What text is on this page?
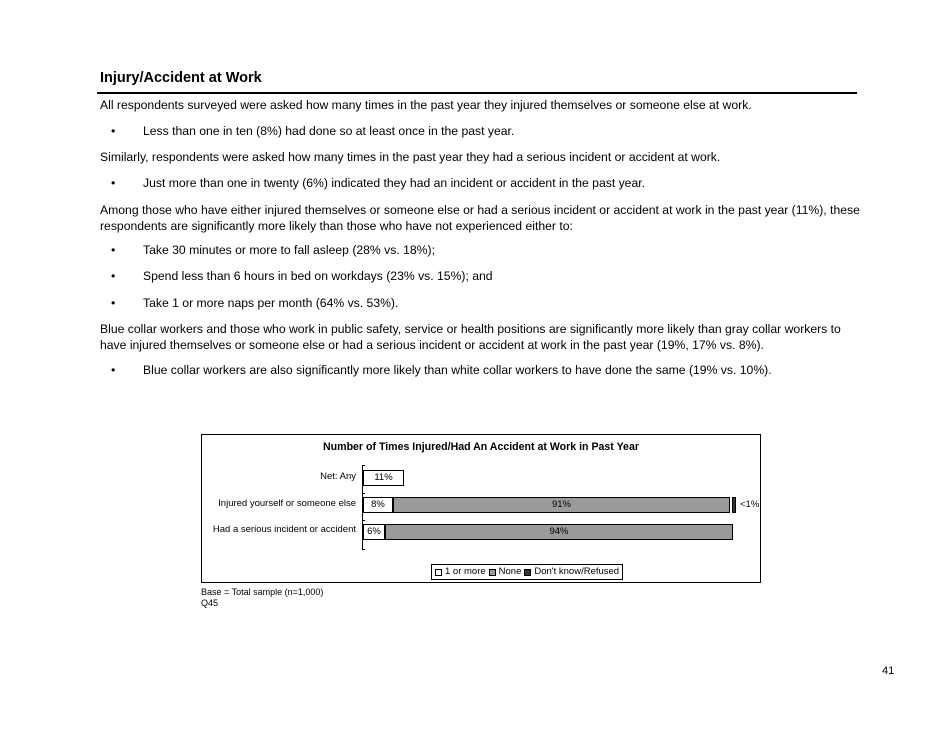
Injury/Accident at Work
All respondents surveyed were asked how many times in the past year they injured themselves or someone else at work.
• Less than one in ten (8%) had done so at least once in the past year.
Similarly, respondents were asked how many times in the past year they had a serious incident or accident at work.
• Just more than one in twenty (6%) indicated they had an incident or accident in the past year.
Among those who have either injured themselves or someone else or had a serious incident or accident at work in the past year (11%), these respondents are significantly more likely than those who have not experienced either to:
• Take 30 minutes or more to fall asleep (28% vs. 18%);
• Spend less than 6 hours in bed on workdays (23% vs. 15%); and
• Take 1 or more naps per month (64% vs. 53%).
Blue collar workers and those who work in public safety, service or health positions are significantly more likely than gray collar workers to have injured themselves or someone else or had a serious incident or accident at work in the past year (19%, 17% vs. 8%).
• Blue collar workers are also significantly more likely than white collar workers to have done the same (19% vs. 10%).
Number of Times Injured/Had An Accident at Work in Past Year
Net: Any
Injured yourself or someone else
Had a serious incident or accident
11%
8%	91%	<1%
6%	94%
1 or more None Don't know/Refused
Base = Total sample (n=1,000)
Q45
41
